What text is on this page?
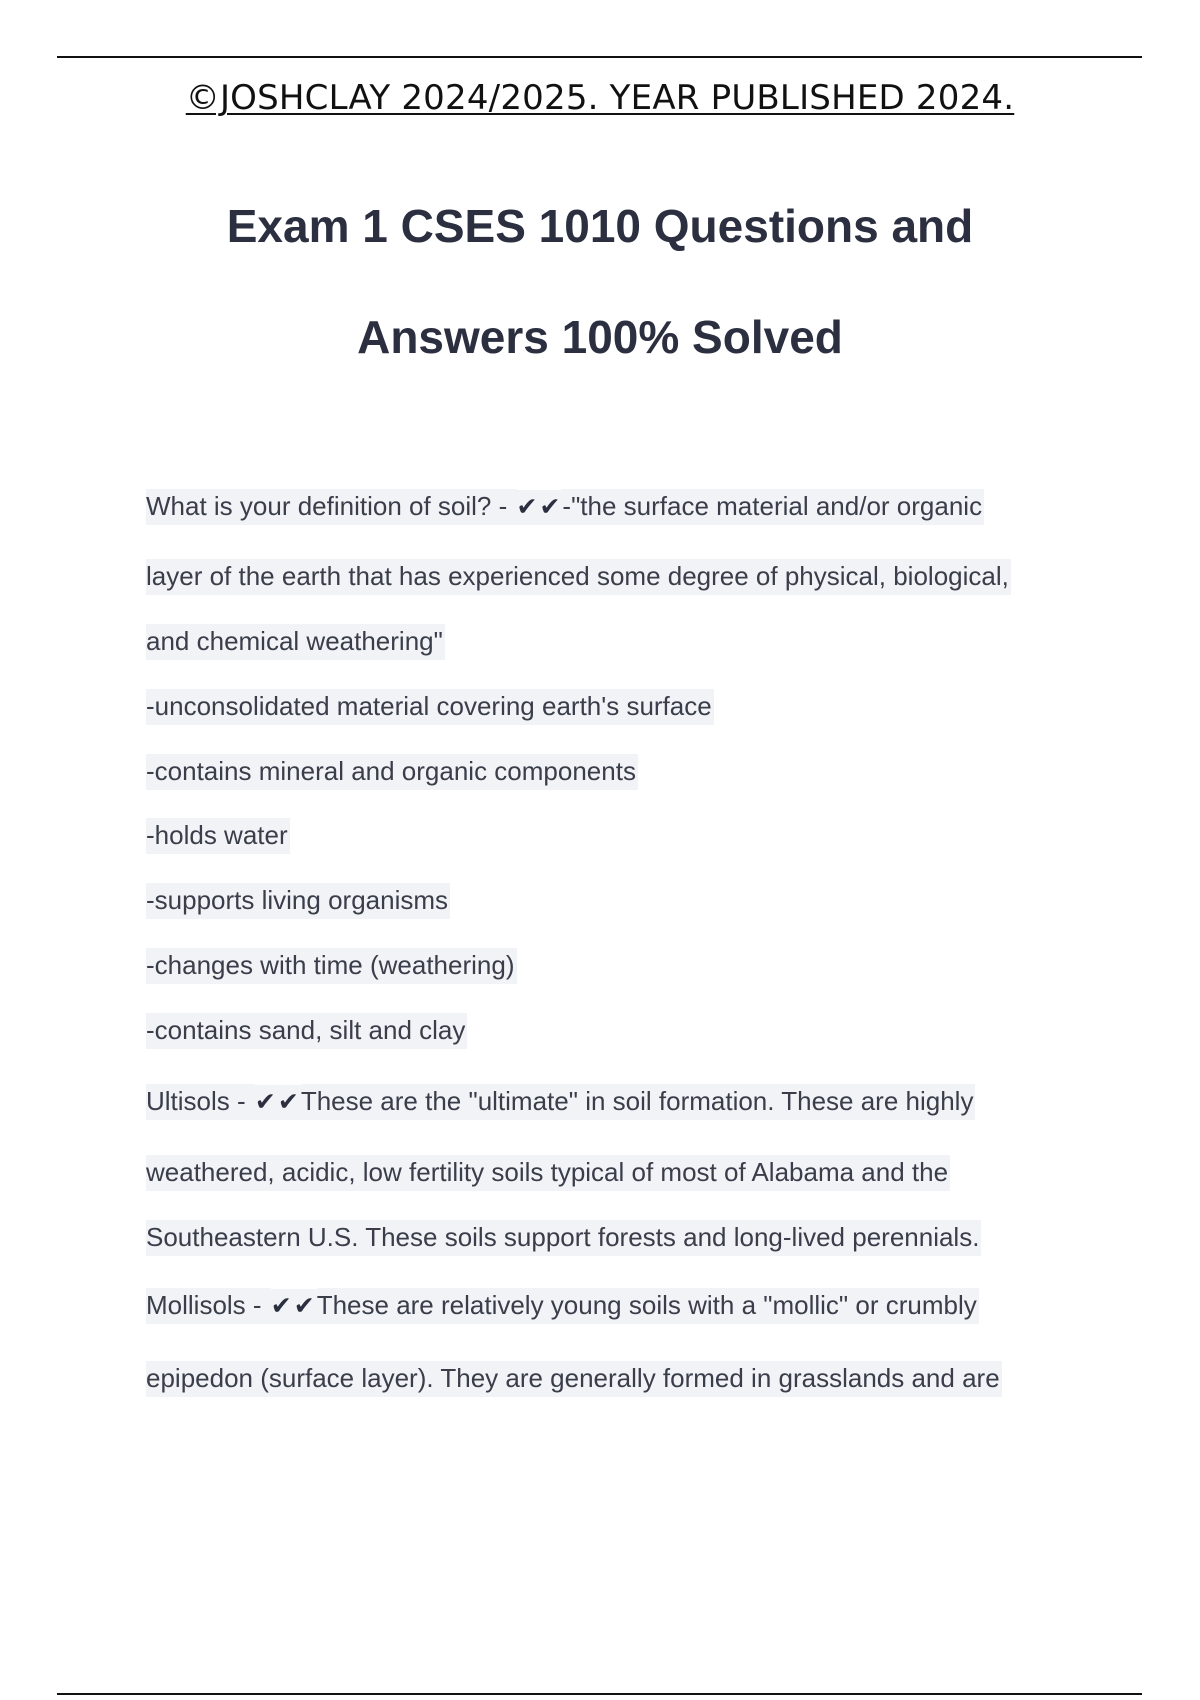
©JOSHCLAY 2024/2025. YEAR PUBLISHED 2024.
Exam 1 CSES 1010 Questions and
Answers 100% Solved
What is your definition of soil? - ✔✔-"the surface material and/or organic
layer of the earth that has experienced some degree of physical, biological,
and chemical weathering"
-unconsolidated material covering earth's surface
-contains mineral and organic components
-holds water
-supports living organisms
-changes with time (weathering)
-contains sand, silt and clay
Ultisols - ✔✔These are the "ultimate" in soil formation. These are highly
weathered, acidic, low fertility soils typical of most of Alabama and the
Southeastern U.S. These soils support forests and long-lived perennials.
Mollisols - ✔✔These are relatively young soils with a "mollic" or crumbly
epipedon (surface layer). They are generally formed in grasslands and are
